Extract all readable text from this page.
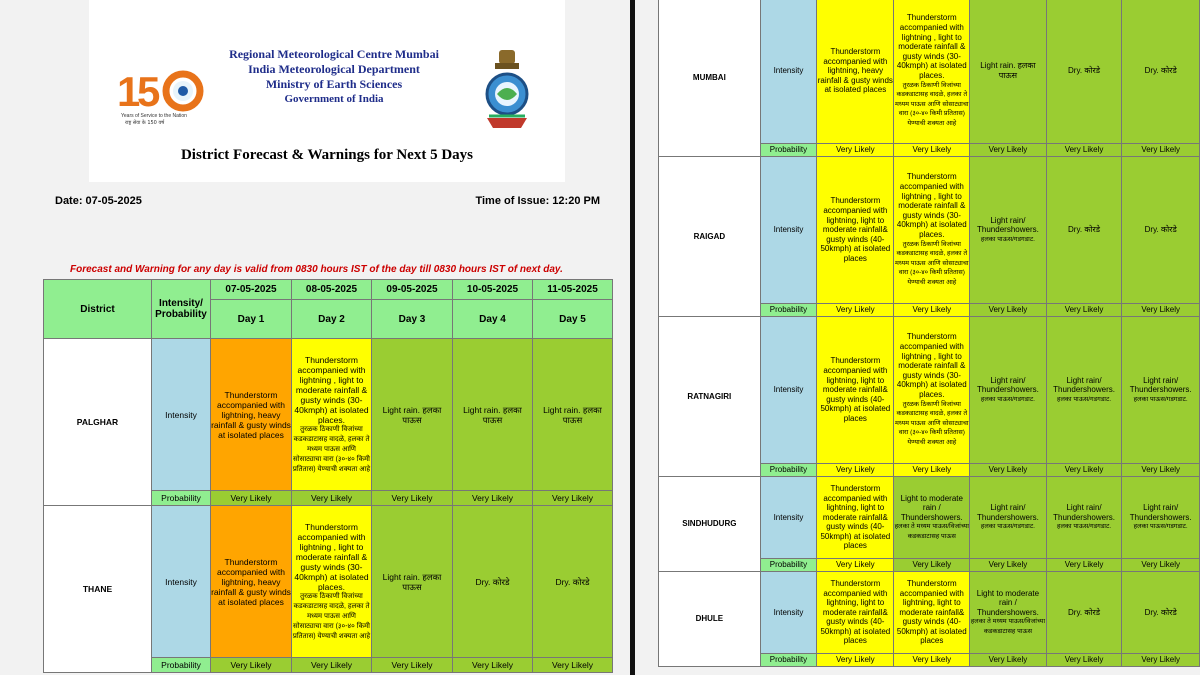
1
5
Years of Service to the Nation
राष्ट्र सेवा के 150 वर्ष
Regional Meteorological Centre Mumbai
India Meteorological Department
Ministry of Earth Sciences
Government of India
District Forecast & Warnings for Next 5 Days
Date: 07-05-2025	Time of Issue: 12:20 PM
Forecast and Warning for any day is valid from 0830 hours IST of the day till 0830 hours IST of next day.
District	Intensity/ Probability	07-05-2025	08-05-2025	09-05-2025	10-05-2025	11-05-2025
		Day 1	Day 2	Day 3	Day 4	Day 5
PALGHAR	Intensity	Thunderstorm accompanied with lightning, heavy rainfall & gusty winds at isolated places	Thunderstorm accompanied with lightning , light to moderate rainfall & gusty winds (30-40kmph) at isolated places.
तुरळक ठिकाणी विजांच्या कडकडाटासह वादळे, हलका ते मध्यम पाऊस आणि सोसाट्याचा वारा (३०-४० किमी प्रतितास) येण्याची शक्यता आहे	Light rain. हलका पाऊस	Light rain. हलका पाऊस	Light rain. हलका पाऊस
	Probability	Very Likely	Very Likely	Very Likely	Very Likely	Very Likely
THANE	Intensity	Thunderstorm accompanied with lightning, heavy rainfall & gusty winds at isolated places	Thunderstorm accompanied with lightning , light to moderate rainfall & gusty winds (30-40kmph) at isolated places.
तुरळक ठिकाणी विजांच्या कडकडाटासह वादळे, हलका ते मध्यम पाऊस आणि सोसाट्याचा वारा (३०-४० किमी प्रतितास) येण्याची शक्यता आहे	Light rain. हलका पाऊस	Dry. कोरडे	Dry. कोरडे
	Probability	Very Likely	Very Likely	Very Likely	Very Likely	Very Likely
MUMBAI	Intensity	Thunderstorm accompanied with lightning, heavy rainfall & gusty winds at isolated places	Thunderstorm accompanied with lightning , light to moderate rainfall & gusty winds (30-40kmph) at isolated places.
तुरळक ठिकाणी विजांच्या कडकडाटासह वादळे, हलका ते मध्यम पाऊस आणि सोसाट्याचा वारा (३०-४० किमी प्रतितास) येण्याची शक्यता आहे	Light rain. हलका पाऊस	Dry. कोरडे	Dry. कोरडे
	Probability	Very Likely	Very Likely	Very Likely	Very Likely	Very Likely
RAIGAD	Intensity	Thunderstorm accompanied with lightning, light to moderate rainfall& gusty winds (40-50kmph) at isolated places	Thunderstorm accompanied with lightning , light to moderate rainfall & gusty winds (30-40kmph) at isolated places.
तुरळक ठिकाणी विजांच्या कडकडाटासह वादळे, हलका ते मध्यम पाऊस आणि सोसाट्याचा वारा (३०-४० किमी प्रतितास) येण्याची शक्यता आहे	Light rain/ Thundershowers.
हलका पाऊस/गडगडाट.	Dry. कोरडे	Dry. कोरडे
	Probability	Very Likely	Very Likely	Very Likely	Very Likely	Very Likely
RATNAGIRI	Intensity	Thunderstorm accompanied with lightning, light to moderate rainfall& gusty winds (40-50kmph) at isolated places	Thunderstorm accompanied with lightning , light to moderate rainfall & gusty winds (30-40kmph) at isolated places.
तुरळक ठिकाणी विजांच्या कडकडाटासह वादळे, हलका ते मध्यम पाऊस आणि सोसाट्याचा वारा (३०-४० किमी प्रतितास) येण्याची शक्यता आहे	Light rain/ Thundershowers.
हलका पाऊस/गडगडाट.	Light rain/ Thundershowers.
हलका पाऊस/गडगडाट.	Light rain/ Thundershowers.
हलका पाऊस/गडगडाट.

	Probability	Very Likely	Very Likely	Very Likely	Very Likely	Very Likely
SINDHUDURG	Intensity	Thunderstorm accompanied with lightning, light to moderate rainfall& gusty winds (40-50kmph) at isolated places	Light to moderate rain / Thundershowers.
हलका ते मध्यम पाऊस/विजांच्या कडकडाटासह पाऊस	Light rain/ Thundershowers.
हलका पाऊस/गडगडाट.	Light rain/ Thundershowers.
हलका पाऊस/गडगडाट.	Light rain/ Thundershowers.
हलका पाऊस/गडगडाट.

	Probability	Very Likely	Very Likely	Very Likely	Very Likely	Very Likely
DHULE	Intensity	Thunderstorm accompanied with lightning, light to moderate rainfall& gusty winds (40-50kmph) at isolated places	Thunderstorm accompanied with lightning, light to moderate rainfall& gusty winds (40-50kmph) at isolated places	Light to moderate rain / Thundershowers.
हलका ते मध्यम पाऊस/विजांच्या कडकडाटासह पाऊस	Dry. कोरडे	Dry. कोरडे
	Probability	Very Likely	Very Likely	Very Likely	Very Likely	Very Likely
